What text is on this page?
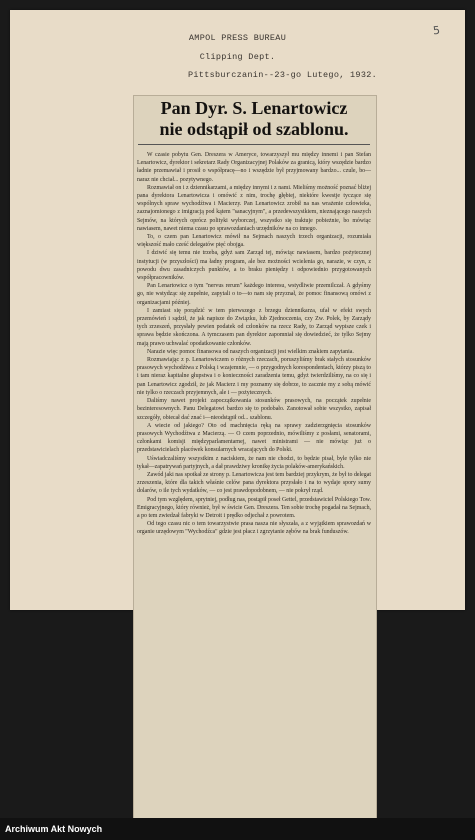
5
AMPOL PRESS BUREAU
Clipping Dept.
Pittsburczanin--23-go Lutego, 1932.
Pan Dyr. S. Lenartowicz
nie odstąpił od szablonu.

W czasie pobytu Gen. Dreszera w Ameryce, towarzyszył mu między innemi i pan Stefan Lenartowicz, dyrektor i sekretarz Rady Organizacyjnej Polaków za granicą, który wszędzie bardzo ładnie przemawiał i prosił o współpracę—no i wszędzie był przyjmowany bardzo... czule, bo—naraz nie chciał... pozytywnego.

Rozmawiał on i z dziennikarzami, a między innymi i z nami. Mieliśmy możność poznać bliżej pana dyrektora Lenartowicza i omówić z nim, trochę głębiej, niektóre kwestje tyczące się wspólnych spraw wychodźtwa i Macierzy. Pan Lenartowicz zrobił na nas wrażenie człowieka, zaznajomionego z imigracją pod kątem "sanacyjnym", a przedewszystkiem, nieznającego naszych Sejmów, na których oprócz polityki wyborczej, wszystko się traktuje pobieżnie, bo mówiąc nawiasem, nawet niema czasu po sprawozdaniach urzędników na co innego.

To, o czem pan Lenartowicz mówił na Sejmach naszych trzech organizacji, rozumiała większość mało cześć delegatów pięć obojga.

I dziwić się temu nie trzeba, gdyż sam Zarząd tej, mówiąc nawiasem, bardzo pożytecznej instytucji (w przyszłości) ma ładny program, ale bez możności wcielenia go, narazie, w czyn, z powodu dwu zasadniczych punktów, a to braku pieniędzy i odpowiednio przygotowanych współpracowników.

Pan Lenartowicz o tym "nervus rerum" każdego interesu, wstydliwie przemilczał. A gdyśmy go, nie wstydząc się zupełnie, zapytali o to—to nam się przyznał, że pomoc finansową omówi z organizacjami później.

I zamiast się porądzić w tem pierwszego z brzegu dziennikarza, ufał w efekt swych przemówień i sądził, że jak napisze do Związku, lub Zjednoczenia, czy Zw. Polek, by Zarządy tych zrzeszeń, przysłały pewien podatek od członków na rzecz Rady, to Zarząd wypisze czek i sprawa będzie skończona. A tymczasem pan dyrektor zapomniał się dowiedzieć, że tylko Sejmy mają prawo uchwalać opodatkowanie członków.

Narazie więc pomoc finansowa od naszych organizacji jest wielkim znakiem zapytania.

Rozmawiając z p. Lenartowiczem o różnych rzeczach, poruszyliśmy brak stałych stosunków prasowych wychodźtwa z Polską i wzajemnie, — o przygodnych korespondentach, którzy piszą to i tam nieraz kapitalne głupstwa i o konieczności zaradzenia temu, gdyż twierdziliśmy, na co się i pan Lenartowicz zgodził, że jak Macierz i my poznamy się dobrze, to zacznie my z sobą mówić nie tylko o rzeczach przyjemnych, ale i — pożytecznych.

Daliśmy nawet projekt zapoczątkowania stosunków prasowych, na początek zupełnie bezinteresownych. Panu Delegatowi bardzo się to podobało. Zanotował sobie wszystko, zapisał szczegóły, obiecał dać znać i—nieodstąpił od... szablonu.

A wiecie od jakiego? Oto od machnięcia ręką na sprawy zadzierzgnięcia stosunków prasowych Wychodźtwa z Macierzą. — O czem poprzednio, mówiliśmy z posłami, senatorami, członkami komisji międzyparlamentarnej, nawet ministrami — nie mówiąc już o przedstawicielach placówek konsularnych wracających do Polski.

Uświadczaliśmy wszystkim z naciskiem, że nam nie chodzi, to będzie pisał, byle tylko nie tykał—zapatrywań partyjnych, a dał prawdziwy kronikę życia polaków-amerykańskich.

Zawód jaki nas spotkał ze strony p. Lenartowicza jest tem bardziej przykrym, że był to delegat zrzeszenia, które dla takich właśnie celów pana dyrektora przysłało i na to wydaje spory sumy dolarów, o ile tych wydatków, — co jest prawdopodobnem, — nie pokrył rząd.

Pod tym względem, sprytniej, podług nas, postąpił poseł Gettel, przedstawiciel Polskiego Tow. Emigracyjnego, który również, był w świcie Gen. Dreszera. Ten sobie trochę pogadał na Sejmach, a po tem zwiedzał fabryki w Detroit i prędko odjechał z powrotem.

Od tego czasu nic o tem towarzystwie prasa nasza nie słyszała, a z wyjątkiem sprawozdań w organie urzędowym "Wychodźca" gdzie jest płacz i zgrzytanie zębów na brak funduszów.

Archiwum Akt Nowych
